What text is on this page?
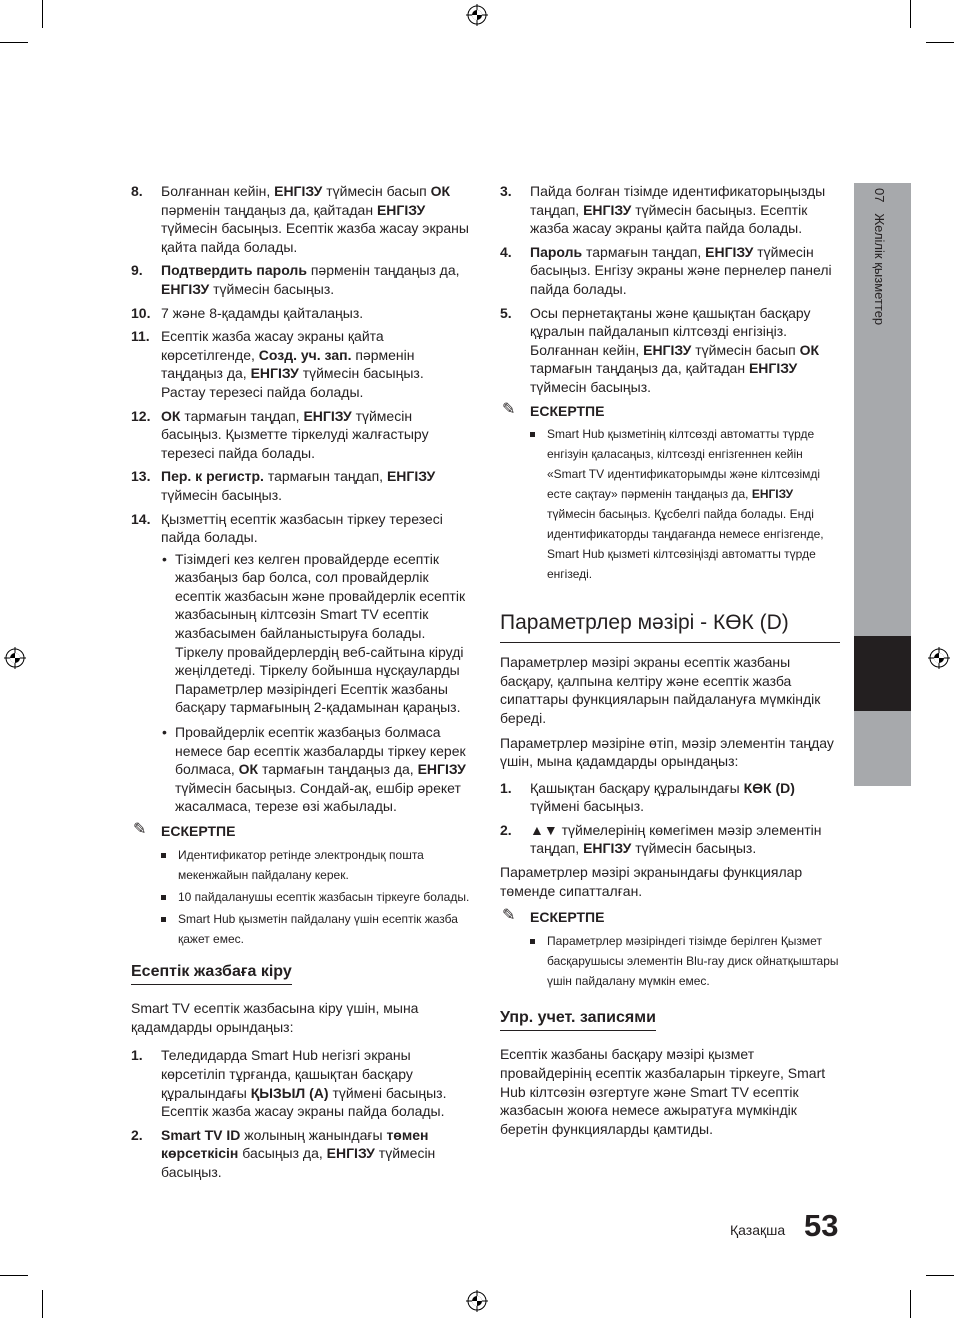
07   Желілік қызметтер
8. Болғаннан кейін, ЕНГІЗУ түймесін басып ОК пәрменін таңдаңыз да, қайтадан ЕНГІЗУ түймесін басыңыз. Есептік жазба жасау экраны қайта пайда болады.
9. Подтвердить пароль пәрменін таңдаңыз да, ЕНГІЗУ түймесін басыңыз.
10. 7 және 8-қадамды қайталаңыз.
11. Есептік жазба жасау экраны қайта көрсетілгенде, Созд. уч. зап. пәрменін таңдаңыз да, ЕНГІЗУ түймесін басыңыз. Растау терезесі пайда болады.
12. ОК тармағын таңдап, ЕНГІЗУ түймесін басыңыз. Қызметте тіркелуді жалғастыру терезесі пайда болады.
13. Пер. к регистр. тармағын таңдап, ЕНГІЗУ түймесін басыңыз.
14. Қызметтің есептік жазбасын тіркеу терезесі пайда болады.
• Тізімдегі кез келген провайдерде есептік жазбаңыз бар болса, сол провайдерлік есептік жазбасын және провайдерлік есептік жазбасының кілтсөзін Smart TV есептік жазбасымен байланыстыруға болады. Тіркелу провайдерлердің веб-сайтына кіруді жеңілдетеді. Тіркелу бойынша нұсқауларды Параметрлер мәзіріндегі Есептік жазбаны басқару тармағының 2-қадамынан қараңыз.
• Провайдерлік есептік жазбаңыз болмаса немесе бар есептік жазбаларды тіркеу керек болмаса, ОК тармағын таңдаңыз да, ЕНГІЗУ түймесін басыңыз. Сондай-ақ, ешбір әрекет жасалмаса, терезе өзі жабылады.
✎ ЕСКЕРТПЕ
Идентификатор ретінде электрондық пошта мекенжайын пайдалану керек.
10 пайдаланушы есептік жазбасын тіркеуге болады.
Smart Hub қызметін пайдалану үшін есептік жазба қажет емес.
Есептік жазбаға кіру
Smart TV есептік жазбасына кіру үшін, мына қадамдарды орындаңыз:
1. Теледидарда Smart Hub негізгі экраны көрсетіліп тұрғанда, қашықтан басқару құралындағы ҚЫЗЫЛ (A) түймені басыңыз. Есептік жазба жасау экраны пайда болады.
2. Smart TV ID жолының жанындағы төмен көрсеткісін басыңыз да, ЕНГІЗУ түймесін басыңыз.
3. Пайда болған тізімде идентификаторыңызды таңдап, ЕНГІЗУ түймесін басыңыз. Есептік жазба жасау экраны қайта пайда болады.
4. Пароль тармағын таңдап, ЕНГІЗУ түймесін басыңыз. Енгізу экраны және пернелер панелі пайда болады.
5. Осы пернетақтаны және қашықтан басқару құралын пайдаланып кілтсөзді енгізіңіз. Болғаннан кейін, ЕНГІЗУ түймесін басып ОК тармағын таңдаңыз да, қайтадан ЕНГІЗУ түймесін басыңыз.
✎ ЕСКЕРТПЕ
Smart Hub қызметінің кілтсөзді автоматты түрде енгізуін қаласаңыз, кілтсөзді енгізгеннен кейін «Smart TV идентификаторымды және кілтсөзімді есте сақтау» пәрменін таңдаңыз да, ЕНГІЗУ түймесін басыңыз. Құсбелгі пайда болады. Енді идентификаторды таңдағанда немесе енгізгенде, Smart Hub қызметі кілтсөзіңізді автоматты түрде енгізеді.
Параметрлер мәзірі - КӨК (D)
Параметрлер мәзірі экраны есептік жазбаны басқару, қалпына келтіру және есептік жазба сипаттары функцияларын пайдалануға мүмкіндік береді.
Параметрлер мәзіріне өтіп, мәзір элементін таңдау үшін, мына қадамдарды орындаңыз:
1. Қашықтан басқару құралындағы КӨК (D) түймені басыңыз.
2. ▲▼ түймелерінің көмегімен мәзір элементін таңдап, ЕНГІЗУ түймесін басыңыз.
Параметрлер мәзірі экранындағы функциялар төменде сипатталған.
✎ ЕСКЕРТПЕ
Параметрлер мәзіріндегі тізімде берілген Қызмет басқарушысы элементін Blu-ray диск ойнатқыштары үшін пайдалану мүмкін емес.
Упр. учет. записями
Есептік жазбаны басқару мәзірі қызмет провайдерінің есептік жазбаларын тіркеуге, Smart Hub кілтсөзін өзгертуге және Smart TV есептік жазбасын жоюға немесе ажыратуға мүмкіндік беретін функцияларды қамтиды.
Қазақша 53
